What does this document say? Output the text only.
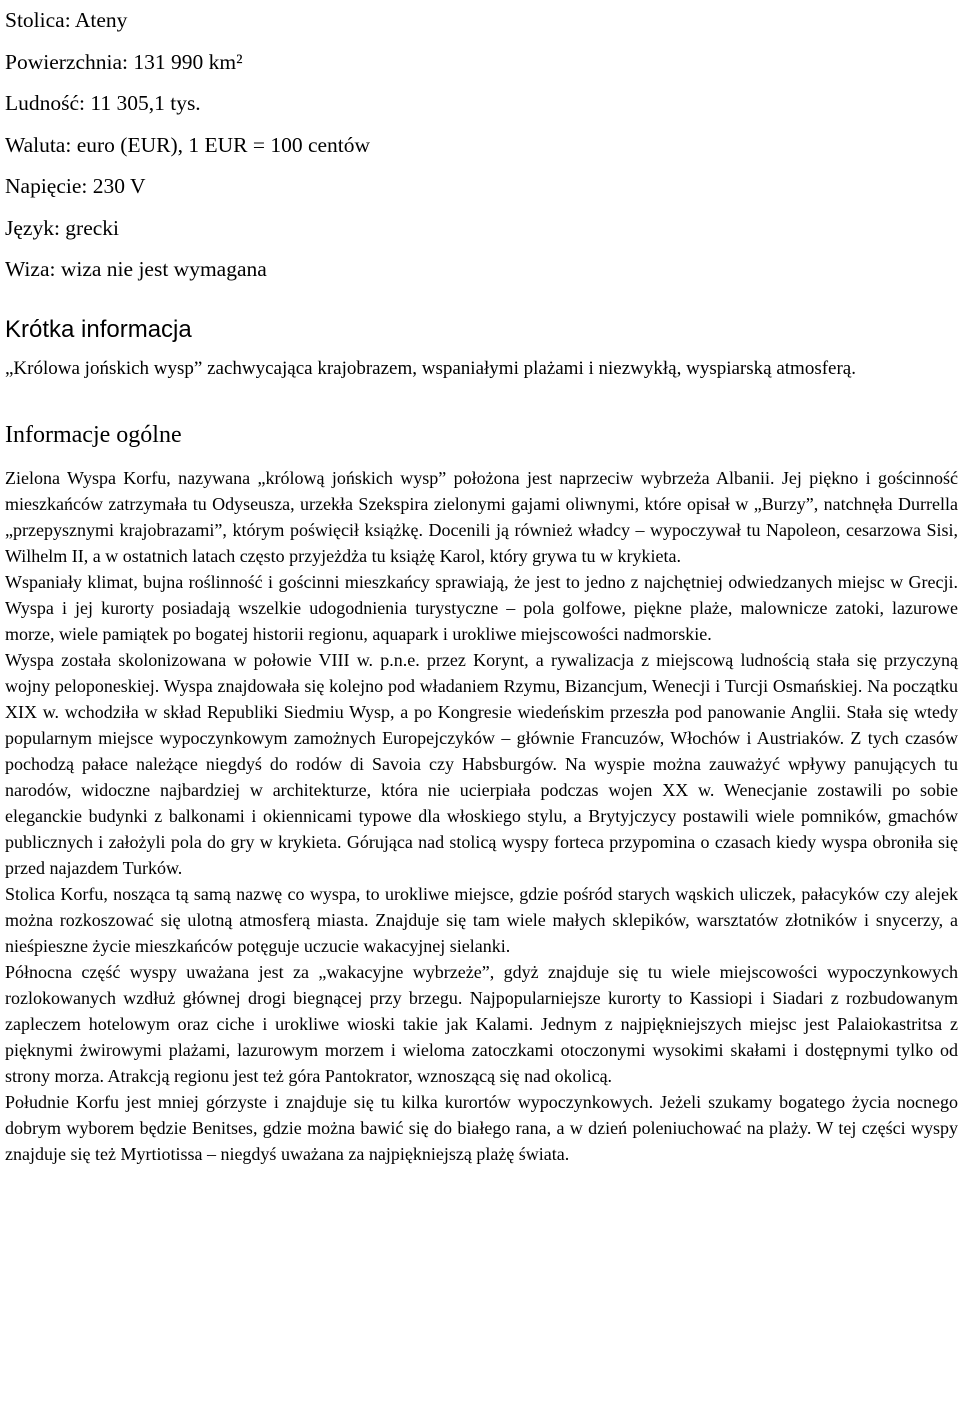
Stolica: Ateny

Powierzchnia: 131 990 km²

Ludność: 11 305,1 tys.

Waluta: euro (EUR), 1 EUR = 100 centów

Napięcie: 230 V

Język: grecki

Wiza: wiza nie jest wymagana

Krótka informacja

„Królowa jońskich wysp” zachwycająca krajobrazem, wspaniałymi plażami i niezwykłą, wyspiarską atmosferą.

Informacje ogólne

Zielona Wyspa Korfu, nazywana „królową jońskich wysp” położona jest naprzeciw wybrzeża Albanii. Jej piękno i gościnność mieszkańców zatrzymała tu Odyseusza, urzekła Szekspira zielonymi gajami oliwnymi, które opisał w „Burzy”, natchnęła Durrella „przepysznymi krajobrazami”, którym poświęcił książkę. Docenili ją również władcy – wypoczywał tu Napoleon, cesarzowa Sisi, Wilhelm II, a w ostatnich latach często przyjeżdża tu książę Karol, który grywa tu w krykieta.

Wspaniały klimat, bujna roślinność i gościnni mieszkańcy sprawiają, że jest to jedno z najchętniej odwiedzanych miejsc w Grecji. Wyspa i jej kurorty posiadają wszelkie udogodnienia turystyczne – pola golfowe, piękne plaże, malownicze zatoki, lazurowe morze, wiele pamiątek po bogatej historii regionu, aquapark i urokliwe miejscowości nadmorskie.

Wyspa została skolonizowana w połowie VIII w. p.n.e. przez Korynt, a rywalizacja z miejscową ludnością stała się przyczyną wojny peloponeskiej. Wyspa znajdowała się kolejno pod władaniem Rzymu, Bizancjum, Wenecji i Turcji Osmańskiej. Na początku XIX w. wchodziła w skład Republiki Siedmiu Wysp, a po Kongresie wiedeńskim przeszła pod panowanie Anglii. Stała się wtedy popularnym miejsce wypoczynkowym zamożnych Europejczyków – głównie Francuzów, Włochów i Austriaków. Z tych czasów pochodzą pałace należące niegdyś do rodów di Savoia czy Habsburgów. Na wyspie można zauważyć wpływy panujących tu narodów, widoczne najbardziej w architekturze, która nie ucierpiała podczas wojen XX w. Wenecjanie zostawili po sobie eleganckie budynki z balkonami i okiennicami typowe dla włoskiego stylu, a Brytyjczycy postawili wiele pomników, gmachów publicznych i założyli pola do gry w krykieta. Górująca nad stolicą wyspy forteca przypomina o czasach kiedy wyspa obroniła się przed najazdem Turków.

Stolica Korfu, nosząca tą samą nazwę co wyspa, to urokliwe miejsce, gdzie pośród starych wąskich uliczek, pałacyków czy alejek można rozkoszować się ulotną atmosferą miasta. Znajduje się tam wiele małych sklepików, warsztatów złotników i snycerzy, a nieśpieszne życie mieszkańców potęguje uczucie wakacyjnej sielanki.

Północna część wyspy uważana jest za „wakacyjne wybrzeże”, gdyż znajduje się tu wiele miejscowości wypoczynkowych rozlokowanych wzdłuż głównej drogi biegnącej przy brzegu. Najpopularniejsze kurorty to Kassiopi i Siadari z rozbudowanym zapleczem hotelowym oraz ciche i urokliwe wioski takie jak Kalami. Jednym z najpiękniejszych miejsc jest Palaiokastritsa z pięknymi żwirowymi plażami, lazurowym morzem i wieloma zatoczkami otoczonymi wysokimi skałami i dostępnymi tylko od strony morza. Atrakcją regionu jest też góra Pantokrator, wznoszącą się nad okolicą.

Południe Korfu jest mniej górzyste i znajduje się tu kilka kurortów wypoczynkowych. Jeżeli szukamy bogatego życia nocnego dobrym wyborem będzie Benitses, gdzie można bawić się do białego rana, a w dzień poleniuchować na plaży. W tej części wyspy znajduje się też Myrtiotissa – niegdyś uważana za najpiękniejszą plażę świata.
